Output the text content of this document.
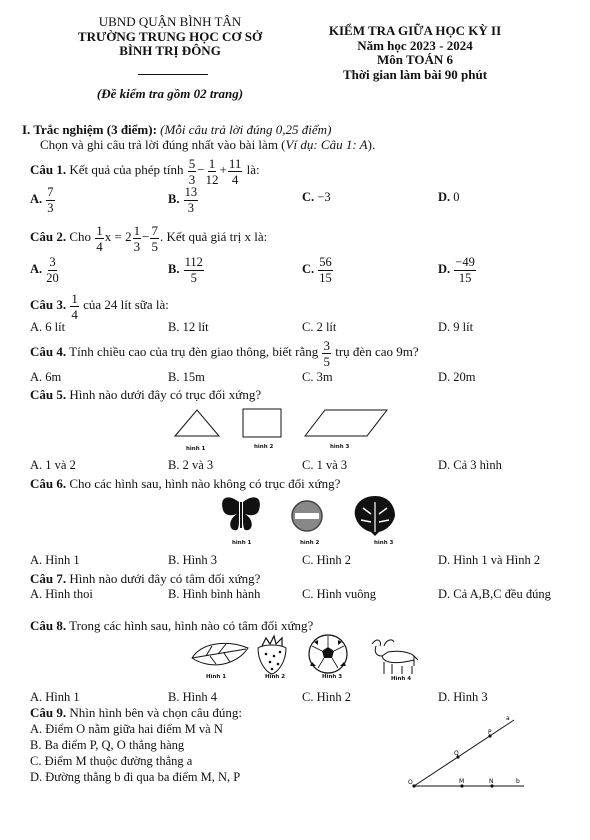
UBND QUẬN BÌNH TÂN
TRƯỜNG TRUNG HỌC CƠ SỞ
BÌNH TRỊ ĐÔNG
(Đề kiểm tra gồm 02 trang)
KIỂM TRA GIỮA HỌC KỲ II
Năm học 2023 - 2024
Môn TOÁN 6
Thời gian làm bài 90 phút
I. Trắc nghiệm (3 điểm): (Mỗi câu trả lời đúng 0,25 điểm)
Chọn và ghi câu trả lời đúng nhất vào bài làm (Ví dụ: Câu 1: A).
Câu 1. Kết quả của phép tính $\frac{5}{3} - \frac{1}{12} + \frac{11}{4}$ là:
A. $\frac{7}{3}$	B. $\frac{13}{3}$	C. −3	D. 0
Câu 2. Cho $\frac{1}{4}$ $x = 2 \frac{1}{3} - \frac{7}{5}$ . Kết quả giá trị x là:
A. $\frac{3}{20}$	B. $\frac{112}{5}$	C. $\frac{56}{15}$	D. $\frac{-49}{15}$
Câu 3. $\frac{1}{4}$ của 24 lít sữa là:
A. 6 lít	B. 12 lít	C. 2 lít	D. 9 lít
Câu 4. Tính chiều cao của trụ đèn giao thông, biết rằng $\frac{3}{5}$ trụ đèn cao 9m?
A. 6m	B. 15m	C. 3m	D. 20m
Câu 5. Hình nào dưới đây có trục đối xứng?
hình 1	hình 2	hình 3
A. 1 và 2	B. 2 và 3	C. 1 và 3	D. Cả 3 hình
Câu 6. Cho các hình sau, hình nào không có trục đối xứng?
hình 1	hình 2	hình 3
A. Hình 1	B. Hình 3	C. Hình 2	D. Hình 1 và Hình 2
Câu 7. Hình nào dưới đây có tâm đối xứng?
A. Hình thoi	B. Hình bình hành	C. Hình vuông	D. Cả A,B,C đều đúng
Câu 8. Trong các hình sau, hình nào có tâm đối xứng?
Hình 1	Hình 2	Hình 3	Hình 4
A. Hình 1	B. Hình 4	C. Hình 2	D. Hình 3
Câu 9. Nhìn hình bên và chọn câu đúng:
A. Điểm O nằm giữa hai điểm M và N
B. Ba điểm P, Q, O thẳng hàng
C. Điểm M thuộc đường thẳng a
D. Đường thẳng b đi qua ba điểm M, N, P	O
Q
P
a
M	N	b
